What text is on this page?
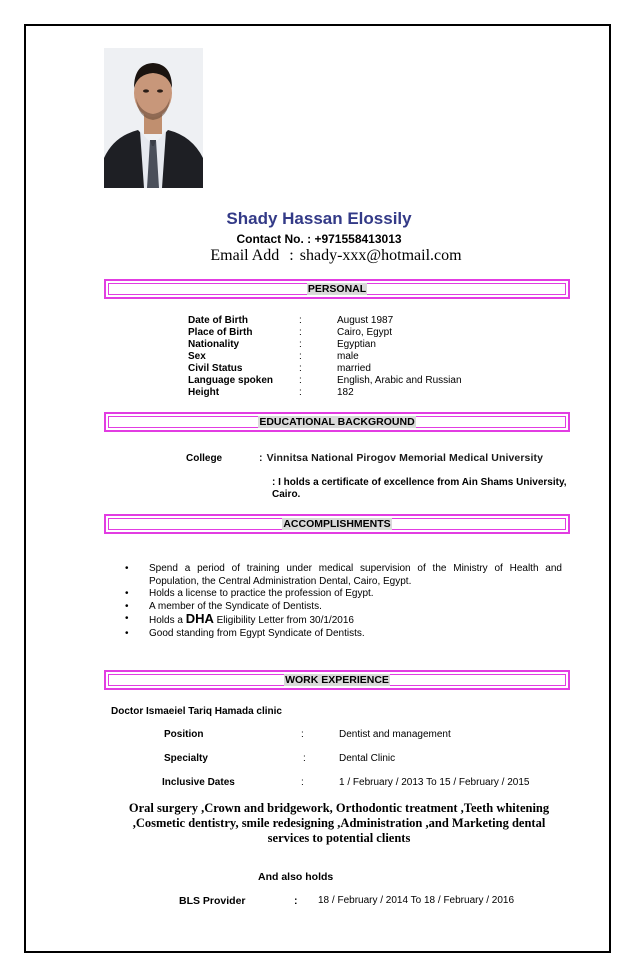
Shady Hassan Elossily
Contact No. : +971558413013
Email Add : shady-xxx@hotmail.com
PERSONAL
Date of Birth	:	August 1987
Place of Birth	:	Cairo, Egypt
Nationality	:	Egyptian
Sex	:	male
Civil Status	:	married
Language spoken	:	English, Arabic and Russian
Height	:	182
EDUCATIONAL BACKGROUND
College	: Vinnitsa National Pirogov Memorial Medical University
: I holds a certificate of excellence from Ain Shams University, Cairo.
ACCOMPLISHMENTS
• Spend a period of training under medical supervision of the Ministry of Health and Population, the Central Administration Dental, Cairo, Egypt.
• Holds a license to practice the profession of Egypt.
• A member of the Syndicate of Dentists.
• Holds a DHA Eligibility Letter from 30/1/2016
• Good standing from Egypt Syndicate of Dentists.
WORK EXPERIENCE
Doctor Ismaeiel Tariq Hamada clinic
Position	:	Dentist and management
Specialty	:	Dental Clinic
Inclusive Dates	:	1 / February / 2013 To 15 / February / 2015
Oral surgery ,Crown and bridgework, Orthodontic treatment ,Teeth whitening ,Cosmetic dentistry, smile redesigning ,Administration ,and Marketing dental services to potential clients
And also holds
BLS Provider	: 18 / February / 2014 To 18 / February / 2016
